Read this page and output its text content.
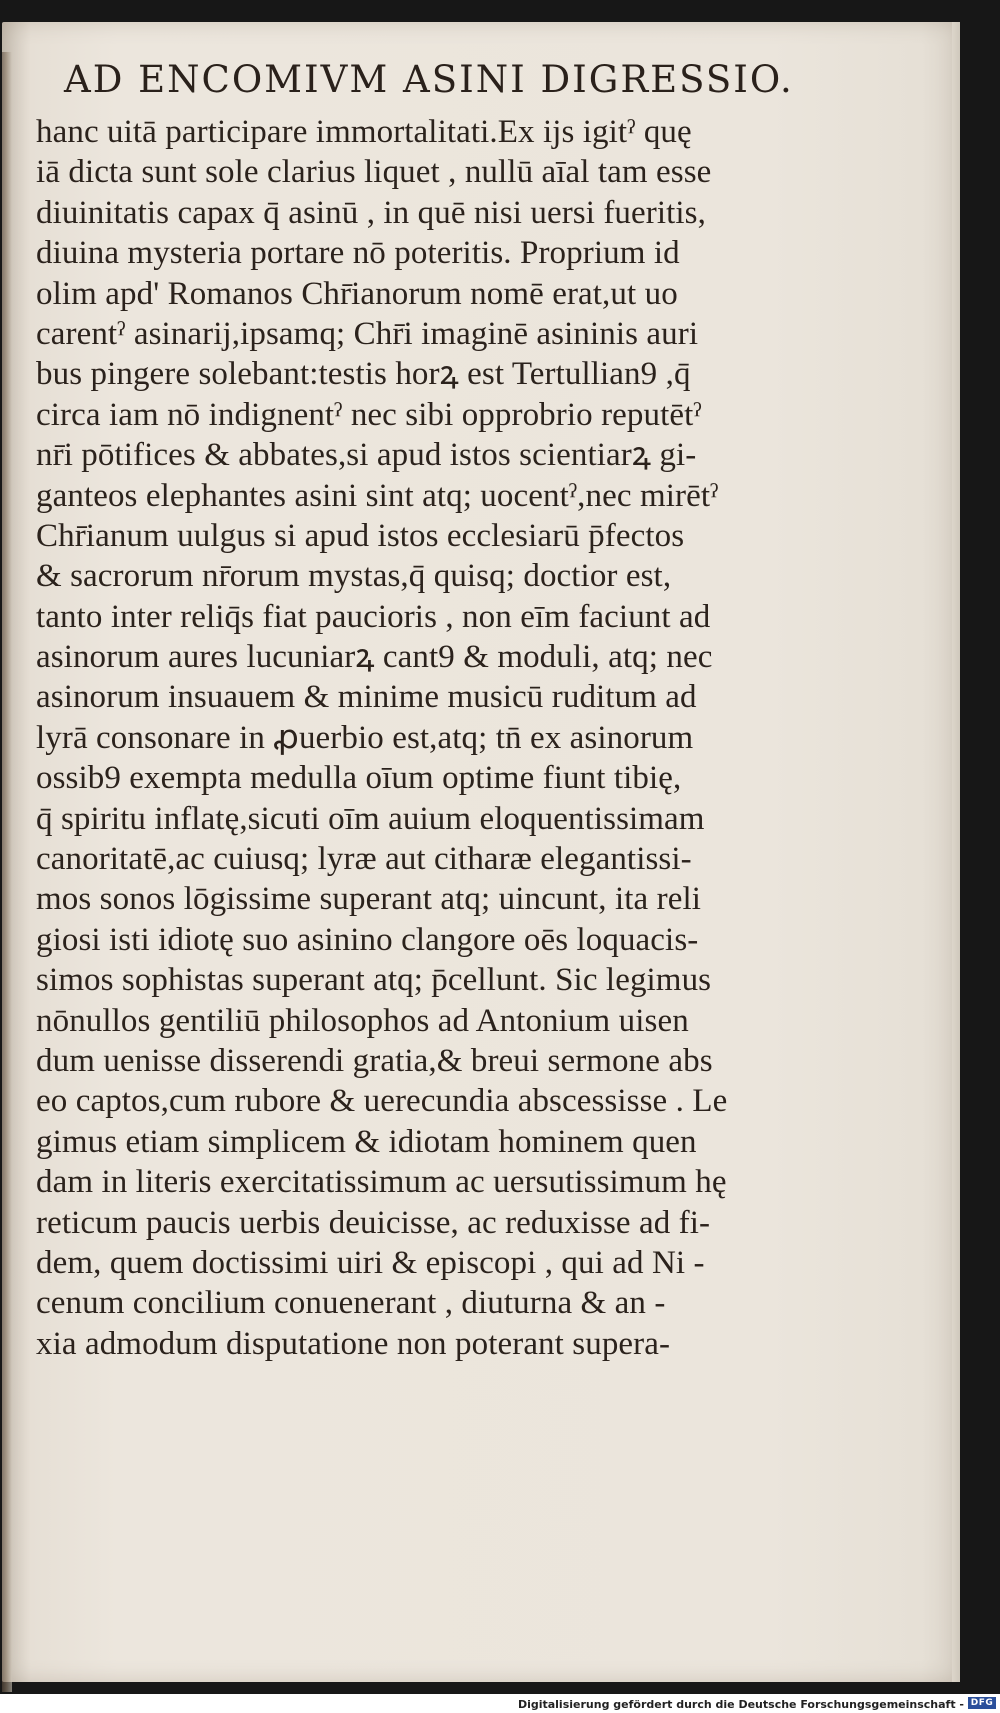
AD ENCOMIVM ASINI DIGRESSIO.
hanc uitā participare immortalitati.Ex ijs igitˀ quę
iā dicta sunt sole clarius liquet , nullū aīal tam esse
diuinitatis capax q̄ asinū , in quē nisi uersi fueritis,
diuina mysteria portare nō poteritis. Proprium id
olim apd' Romanos Chr̄ianorum nomē erat,ut uo
carentˀ asinarij,ipsamq; Chr̄i imaginē asininis auri
bus pingere solebant:testis horꝝ est Tertullian9 ,q̄
circa iam nō indignentˀ nec sibi opprobrio reputētˀ
nr̄i pōtifices & abbates,si apud istos scientiarꝝ gi-
ganteos elephantes asini sint atq; uocentˀ,nec mirētˀ
Chr̄ianum uulgus si apud istos ecclesiarū p̄fectos
& sacrorum nr̄orum mystas,q̄ quisq; doctior est,
tanto inter reliq̄s fiat paucioris , non eīm faciunt ad
asinorum aures lucuniarꝝ cant9 & moduli, atq; nec
asinorum insuauem & minime musicū ruditum ad
lyrā consonare in ꝓuerbio est,atq; tn̄ ex asinorum
ossib9 exempta medulla oīum optime fiunt tibię,
q̄ spiritu inflatę,sicuti oīm auium eloquentissimam
canoritatē,ac cuiusq; lyræ aut citharæ elegantissi-
mos sonos lōgissime superant atq; uincunt, ita reli
giosi isti idiotę suo asinino clangore oēs loquacis-
simos sophistas superant atq; p̄cellunt. Sic legimus
nōnullos gentiliū philosophos ad Antonium uisen
dum uenisse disserendi gratia,& breui sermone abs
eo captos,cum rubore & uerecundia abscessisse . Le
gimus etiam simplicem & idiotam hominem quen
dam in literis exercitatissimum ac uersutissimum hę
reticum paucis uerbis deuicisse, ac reduxisse ad fi-
dem, quem doctissimi uiri & episcopi , qui ad Ni -
cenum concilium conuenerant , diuturna & an -
xia admodum disputatione non poterant supera-
Digitalisierung gefördert durch die Deutsche Forschungsgemeinschaft - DFG
